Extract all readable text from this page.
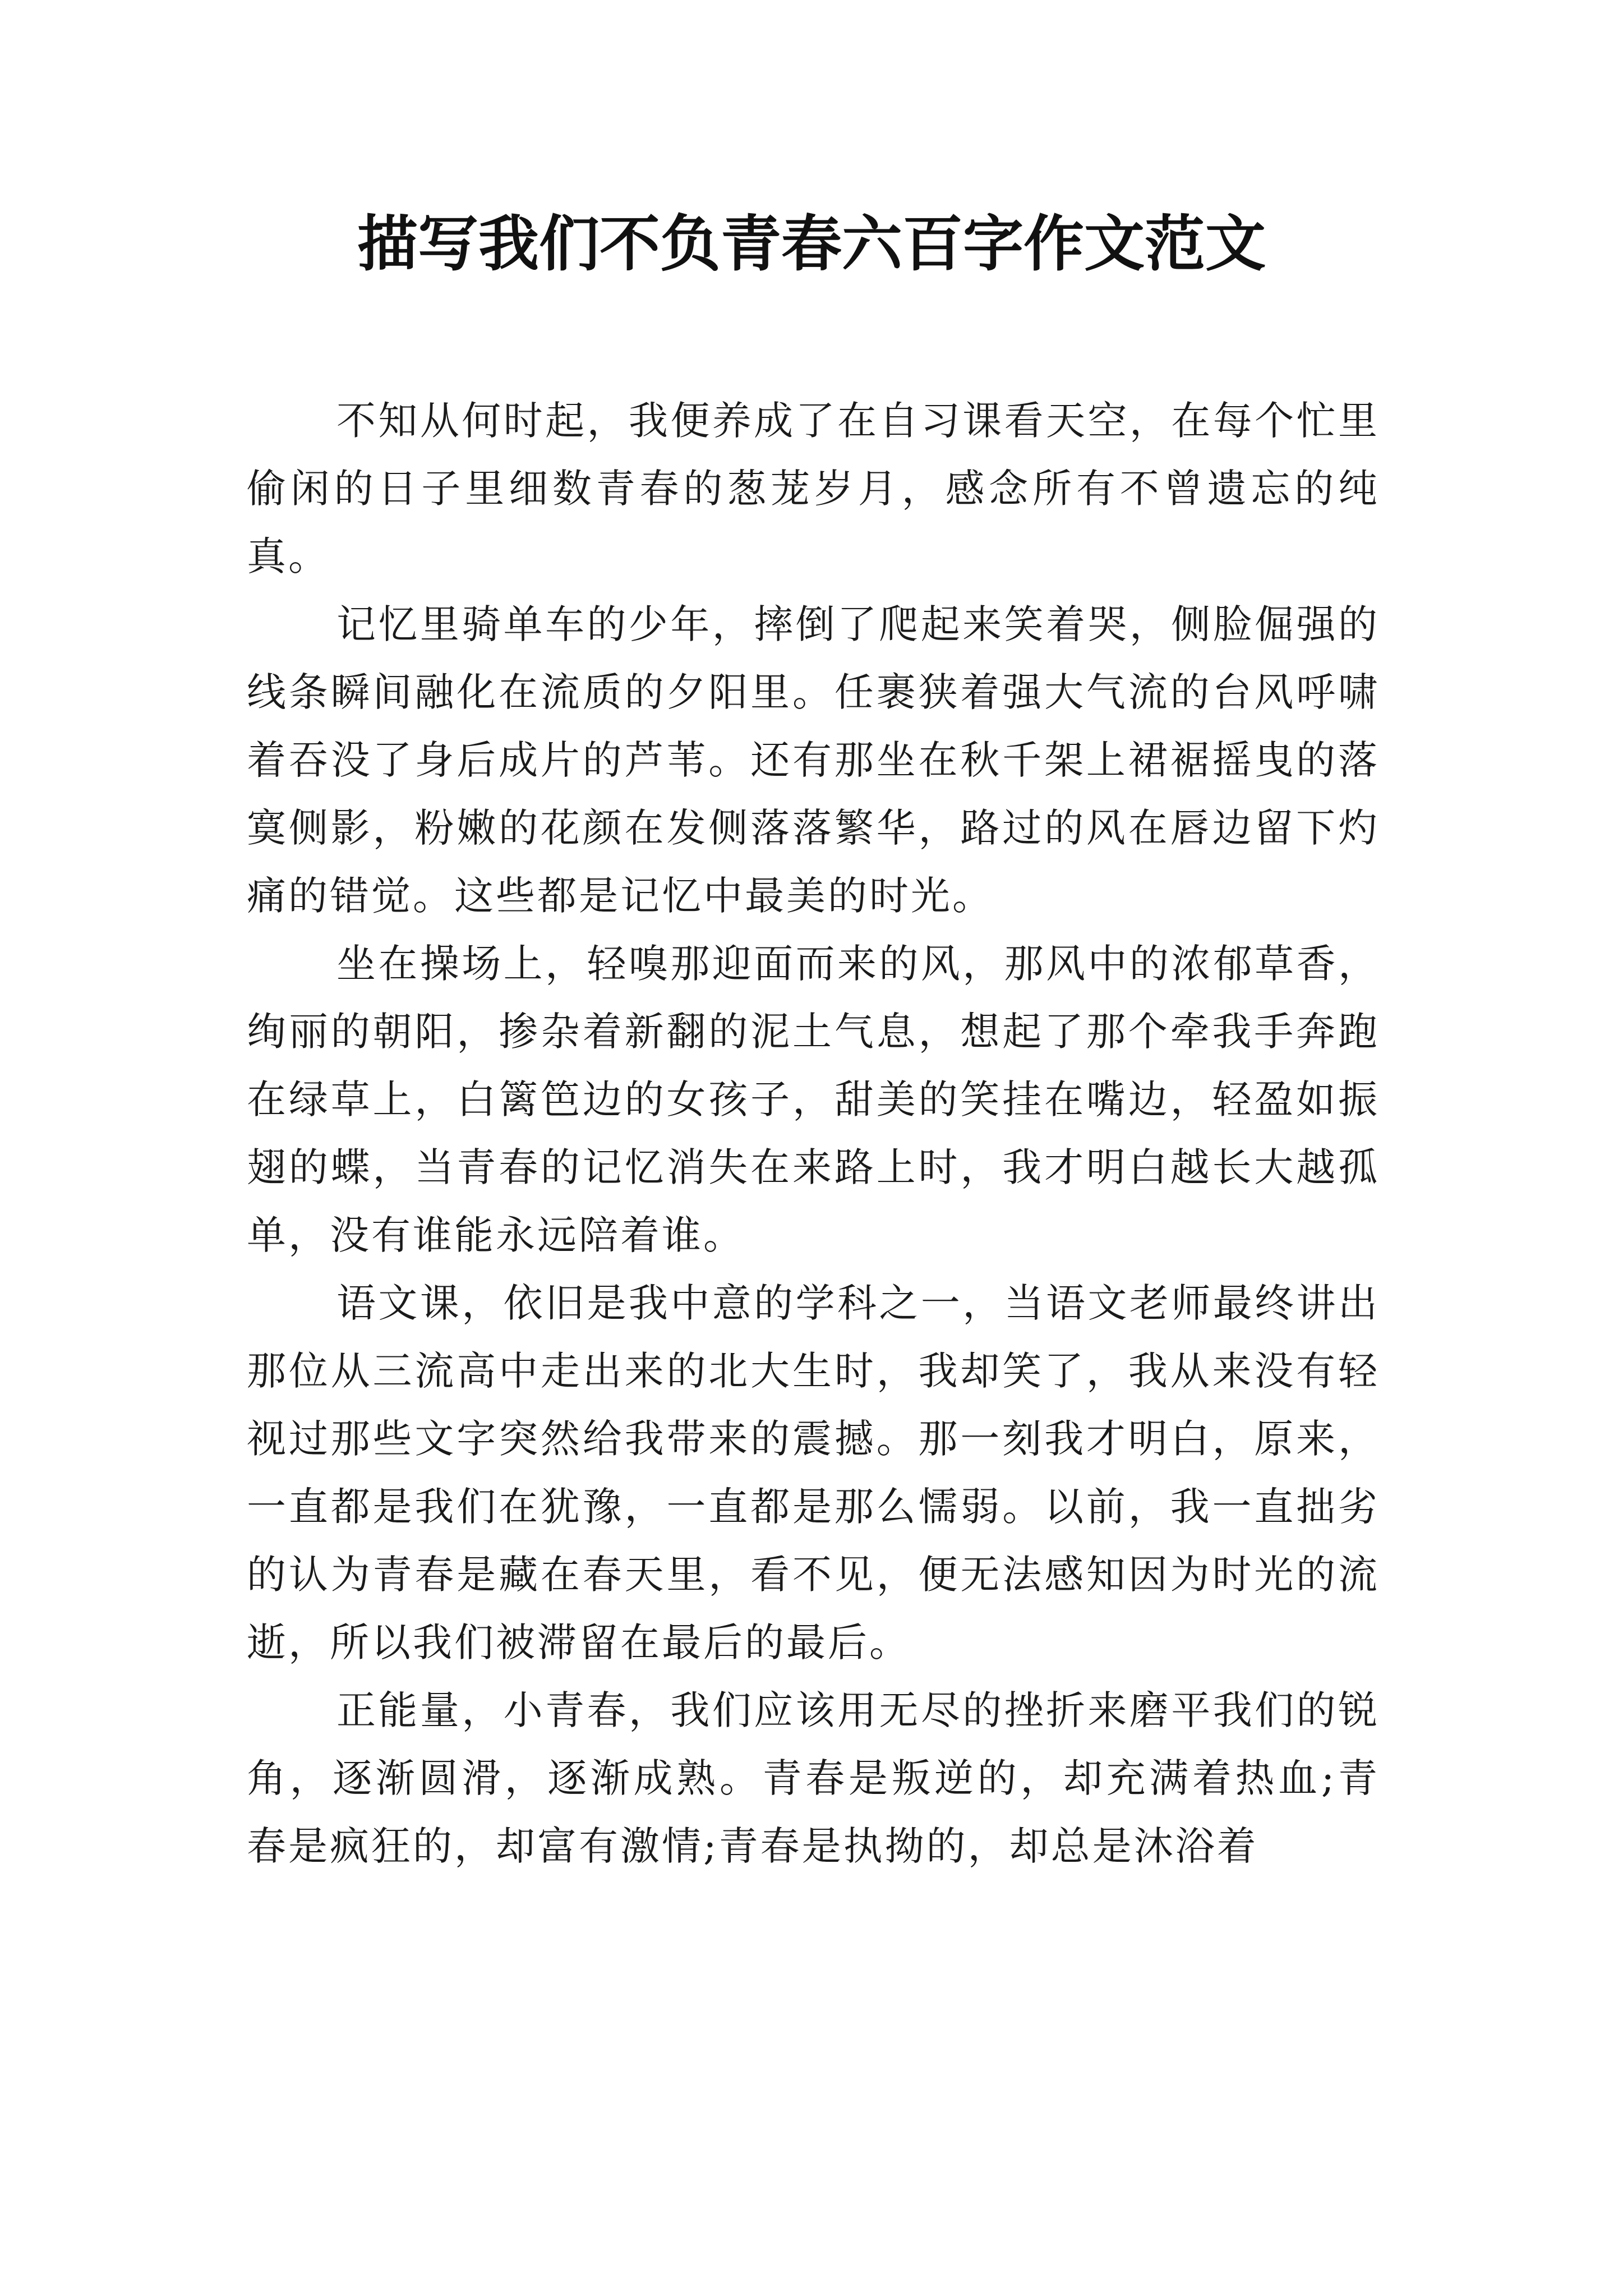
描写我们不负青春六百字作文范文

不知从何时起，我便养成了在自习课看天空，在每个忙里偷闲的日子里细数青春的葱茏岁月，感念所有不曾遗忘的纯真。

记忆里骑单车的少年，摔倒了爬起来笑着哭，侧脸倔强的线条瞬间融化在流质的夕阳里。任裹狭着强大气流的台风呼啸着吞没了身后成片的芦苇。还有那坐在秋千架上裙裾摇曳的落寞侧影，粉嫩的花颜在发侧落落繁华，路过的风在唇边留下灼痛的错觉。这些都是记忆中最美的时光。

坐在操场上，轻嗅那迎面而来的风，那风中的浓郁草香，绚丽的朝阳，掺杂着新翻的泥土气息，想起了那个牵我手奔跑在绿草上，白篱笆边的女孩子，甜美的笑挂在嘴边，轻盈如振翅的蝶，当青春的记忆消失在来路上时，我才明白越长大越孤单，没有谁能永远陪着谁。

语文课，依旧是我中意的学科之一，当语文老师最终讲出那位从三流高中走出来的北大生时，我却笑了，我从来没有轻视过那些文字突然给我带来的震撼。那一刻我才明白，原来，一直都是我们在犹豫，一直都是那么懦弱。以前，我一直拙劣的认为青春是藏在春天里，看不见，便无法感知因为时光的流逝，所以我们被滞留在最后的最后。

正能量，小青春，我们应该用无尽的挫折来磨平我们的锐角，逐渐圆滑，逐渐成熟。青春是叛逆的，却充满着热血;青春是疯狂的，却富有激情;青春是执拗的，却总是沐浴着
